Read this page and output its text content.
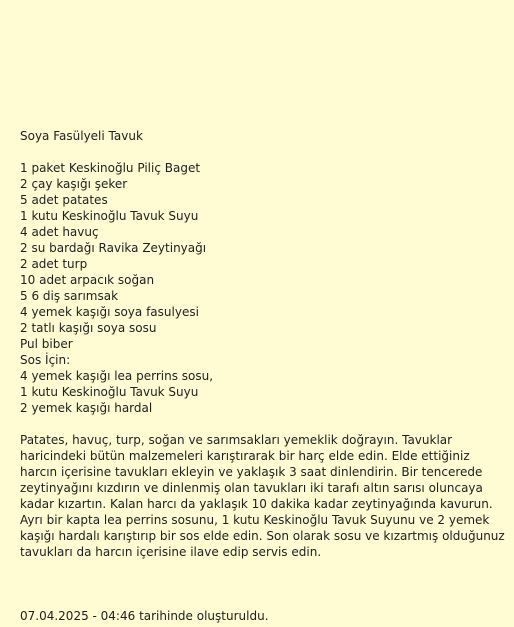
Soya Fasülyeli Tavuk
1 paket Keskinoğlu Piliç Baget
2 çay kaşığı şeker
5 adet patates
1 kutu Keskinoğlu Tavuk Suyu
4 adet havuç
2 su bardağı Ravika Zeytinyağı
2 adet turp
10 adet arpacık soğan
5 6 diş sarımsak
4 yemek kaşığı soya fasulyesi
2 tatlı kaşığı soya sosu
Pul biber
Sos İçin:
4 yemek kaşığı lea perrins sosu,
1 kutu Keskinoğlu Tavuk Suyu
2 yemek kaşığı hardal

Patates, havuç, turp, soğan ve sarımsakları yemeklik doğrayın. Tavuklar haricindeki bütün malzemeleri karıştırarak bir harç elde edin. Elde ettiğiniz harcın içerisine tavukları ekleyin ve yaklaşık 3 saat dinlendirin. Bir tencerede zeytinyağını kızdırın ve dinlenmiş olan tavukları iki tarafı altın sarısı oluncaya kadar kızartın. Kalan harcı da yaklaşık 10 dakika kadar zeytinyağında kavurun. Ayrı bir kapta lea perrins sosunu, 1 kutu Keskinoğlu Tavuk Suyunu ve 2 yemek kaşığı hardalı karıştırıp bir sos elde edin. Son olarak sosu ve kızartmış olduğunuz tavukları da harcın içerisine ilave edip servis edin.

07.04.2025 - 04:46 tarihinde oluşturuldu.
